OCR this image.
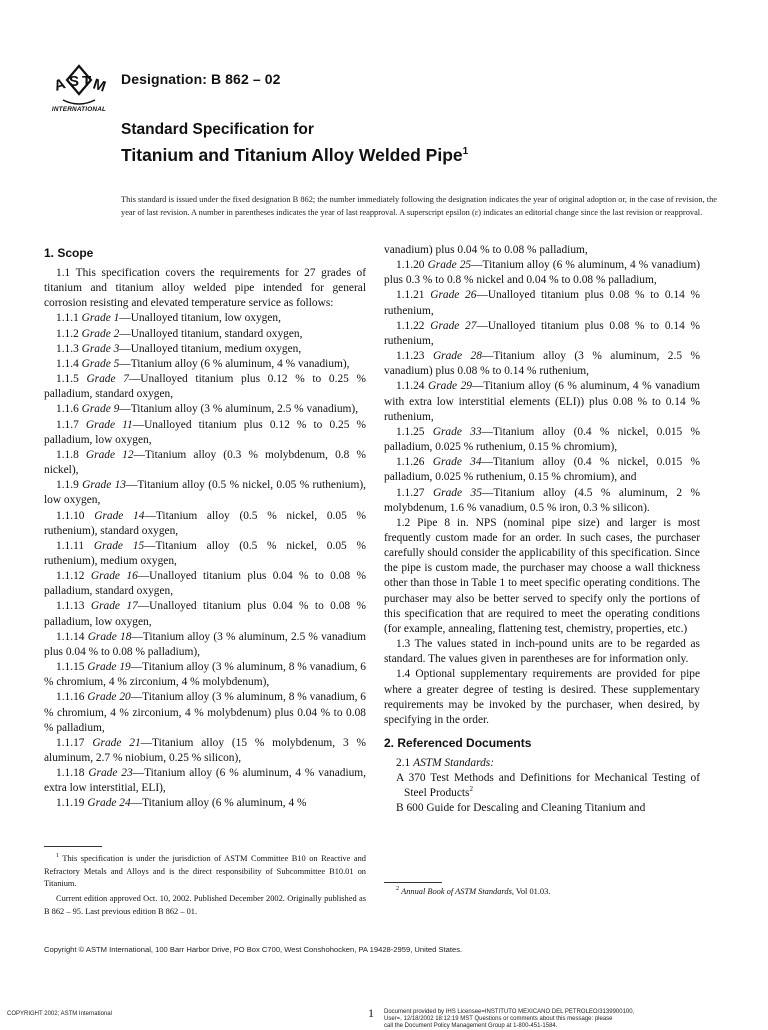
A S T M
INTERNATIONAL
Designation: B 862 – 02
Standard Specification for
Titanium and Titanium Alloy Welded Pipe$^1$
This standard is issued under the fixed designation B 862; the number immediately following the designation indicates the year of original adoption or, in the case of revision, the year of last revision. A number in parentheses indicates the year of last reapproval. A superscript epsilon (ε) indicates an editorial change since the last revision or reapproval.

1. Scope

1.1 This specification covers the requirements for 27 grades of titanium and titanium alloy welded pipe intended for general corrosion resisting and elevated temperature service as follows:

1.1.1 Grade 1—Unalloyed titanium, low oxygen,

1.1.2 Grade 2—Unalloyed titanium, standard oxygen,

1.1.3 Grade 3—Unalloyed titanium, medium oxygen,

1.1.4 Grade 5—Titanium alloy (6 % aluminum, 4 % vanadium),

1.1.5 Grade 7—Unalloyed titanium plus 0.12 % to 0.25 % palladium, standard oxygen,

1.1.6 Grade 9—Titanium alloy (3 % aluminum, 2.5 % vanadium),

1.1.7 Grade 11—Unalloyed titanium plus 0.12 % to 0.25 % palladium, low oxygen,

1.1.8 Grade 12—Titanium alloy (0.3 % molybdenum, 0.8 % nickel),

1.1.9 Grade 13—Titanium alloy (0.5 % nickel, 0.05 % ruthenium), low oxygen,

1.1.10 Grade 14—Titanium alloy (0.5 % nickel, 0.05 % ruthenium), standard oxygen,

1.1.11 Grade 15—Titanium alloy (0.5 % nickel, 0.05 % ruthenium), medium oxygen,

1.1.12 Grade 16—Unalloyed titanium plus 0.04 % to 0.08 % palladium, standard oxygen,

1.1.13 Grade 17—Unalloyed titanium plus 0.04 % to 0.08 % palladium, low oxygen,

1.1.14 Grade 18—Titanium alloy (3 % aluminum, 2.5 % vanadium plus 0.04 % to 0.08 % palladium),

1.1.15 Grade 19—Titanium alloy (3 % aluminum, 8 % vanadium, 6 % chromium, 4 % zirconium, 4 % molybdenum),

1.1.16 Grade 20—Titanium alloy (3 % aluminum, 8 % vanadium, 6 % chromium, 4 % zirconium, 4 % molybdenum) plus 0.04 % to 0.08 % palladium,

1.1.17 Grade 21—Titanium alloy (15 % molybdenum, 3 % aluminum, 2.7 % niobium, 0.25 % silicon),

1.1.18 Grade 23—Titanium alloy (6 % aluminum, 4 % vanadium, extra low interstitial, ELI),

1.1.19 Grade 24—Titanium alloy (6 % aluminum, 4 %

vanadium) plus 0.04 % to 0.08 % palladium,

1.1.20 Grade 25—Titanium alloy (6 % aluminum, 4 % vanadium) plus 0.3 % to 0.8 % nickel and 0.04 % to 0.08 % palladium,

1.1.21 Grade 26—Unalloyed titanium plus 0.08 % to 0.14 % ruthenium,

1.1.22 Grade 27—Unalloyed titanium plus 0.08 % to 0.14 % ruthenium,

1.1.23 Grade 28—Titanium alloy (3 % aluminum, 2.5 % vanadium) plus 0.08 % to 0.14 % ruthenium,

1.1.24 Grade 29—Titanium alloy (6 % aluminum, 4 % vanadium with extra low interstitial elements (ELI)) plus 0.08 % to 0.14 % ruthenium,

1.1.25 Grade 33—Titanium alloy (0.4 % nickel, 0.015 % palladium, 0.025 % ruthenium, 0.15 % chromium),

1.1.26 Grade 34—Titanium alloy (0.4 % nickel, 0.015 % palladium, 0.025 % ruthenium, 0.15 % chromium), and

1.1.27 Grade 35—Titanium alloy (4.5 % aluminum, 2 % molybdenum, 1.6 % vanadium, 0.5 % iron, 0.3 % silicon).

1.2 Pipe 8 in. NPS (nominal pipe size) and larger is most frequently custom made for an order. In such cases, the purchaser carefully should consider the applicability of this specification. Since the pipe is custom made, the purchaser may choose a wall thickness other than those in Table 1 to meet specific operating conditions. The purchaser may also be better served to specify only the portions of this specification that are required to meet the operating conditions (for example, annealing, flattening test, chemistry, properties, etc.)

1.3 The values stated in inch-pound units are to be regarded as standard. The values given in parentheses are for information only.

1.4 Optional supplementary requirements are provided for pipe where a greater degree of testing is desired. These supplementary requirements may be invoked by the purchaser, when desired, by specifying in the order.

2. Referenced Documents

2.1 ASTM Standards:

A 370 Test Methods and Definitions for Mechanical Testing of Steel Products$^2$

B 600 Guide for Descaling and Cleaning Titanium and

$^1$ This specification is under the jurisdiction of ASTM Committee B10 on Reactive and Refractory Metals and Alloys and is the direct responsibility of Subcommittee B10.01 on Titanium.

Current edition approved Oct. 10, 2002. Published December 2002. Originally published as B 862 – 95. Last previous edition B 862 – 01.

$^2$ Annual Book of ASTM Standards, Vol 01.03.

Copyright © ASTM International, 100 Barr Harbor Drive, PO Box C700, West Conshohocken, PA 19428-2959, United States.
COPYRIGHT 2002; ASTM International	1 Document provided by IHS Licensee=INSTITUTO MEXICANO DEL PETROLEO/3139900100,
User=, 12/18/2002 18:12:19 MST Questions or comments about this message: please
call the Document Policy Management Group at 1-800-451-1584.
